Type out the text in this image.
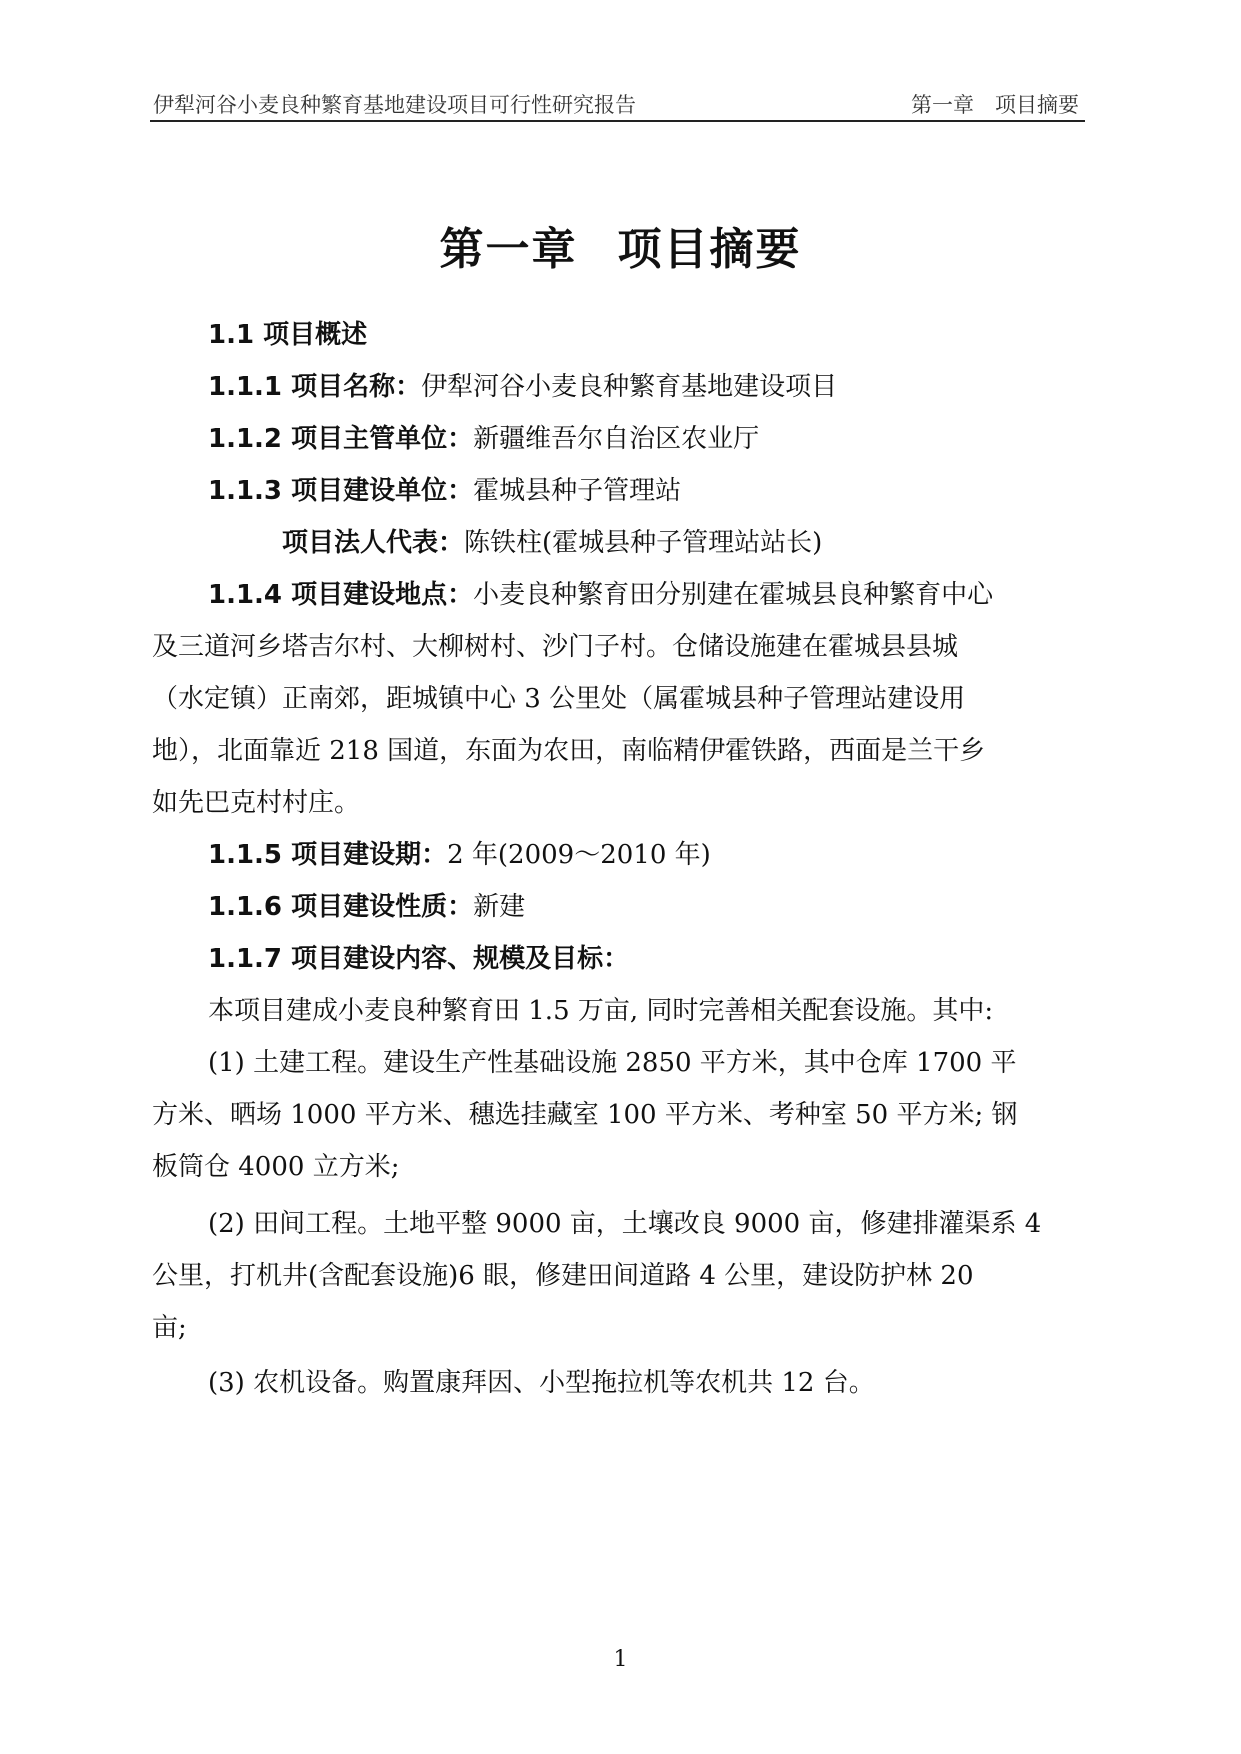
伊犁河谷小麦良种繁育基地建设项目可行性研究报告	第一章　项目摘要
第一章 项目摘要
1.1 项目概述
1.1.1 项目名称：伊犁河谷小麦良种繁育基地建设项目
1.1.2 项目主管单位：新疆维吾尔自治区农业厅
1.1.3 项目建设单位：霍城县种子管理站
项目法人代表：陈铁柱(霍城县种子管理站站长)
1.1.4 项目建设地点：小麦良种繁育田分别建在霍城县良种繁育中心
及三道河乡塔吉尔村、大柳树村、沙门子村。仓储设施建在霍城县县城
（水定镇）正南郊，距城镇中心 3 公里处（属霍城县种子管理站建设用
地），北面靠近 218 国道，东面为农田，南临精伊霍铁路，西面是兰干乡
如先巴克村村庄。
1.1.5 项目建设期：2 年(2009～2010 年)
1.1.6 项目建设性质：新建
1.1.7 项目建设内容、规模及目标：
本项目建成小麦良种繁育田 1.5 万亩, 同时完善相关配套设施。其中:
(1) 土建工程。建设生产性基础设施 2850 平方米，其中仓库 1700 平
方米、晒场 1000 平方米、穗选挂藏室 100 平方米、考种室 50 平方米; 钢
板筒仓 4000 立方米;
(2) 田间工程。土地平整 9000 亩，土壤改良 9000 亩，修建排灌渠系 4
公里，打机井(含配套设施)6 眼，修建田间道路 4 公里，建设防护林 20
亩;
(3) 农机设备。购置康拜因、小型拖拉机等农机共 12 台。
1
